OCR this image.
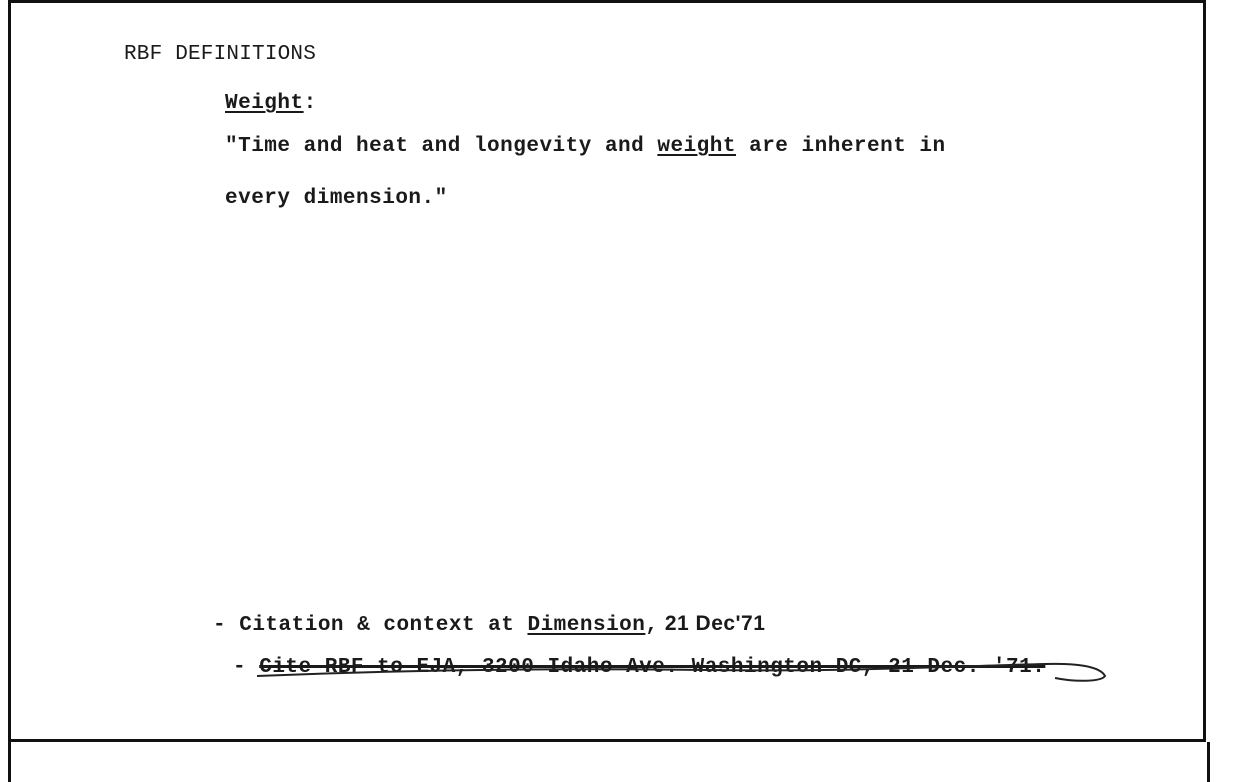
RBF DEFINITIONS
Weight:
"Time and heat and longevity and weight are inherent in
every dimension."
- Citation & context at Dimension, 21 Dec'71
- Cite RBF to EJA, 3200 Idaho Ave. Washington DC, 21 Dec. '71.
